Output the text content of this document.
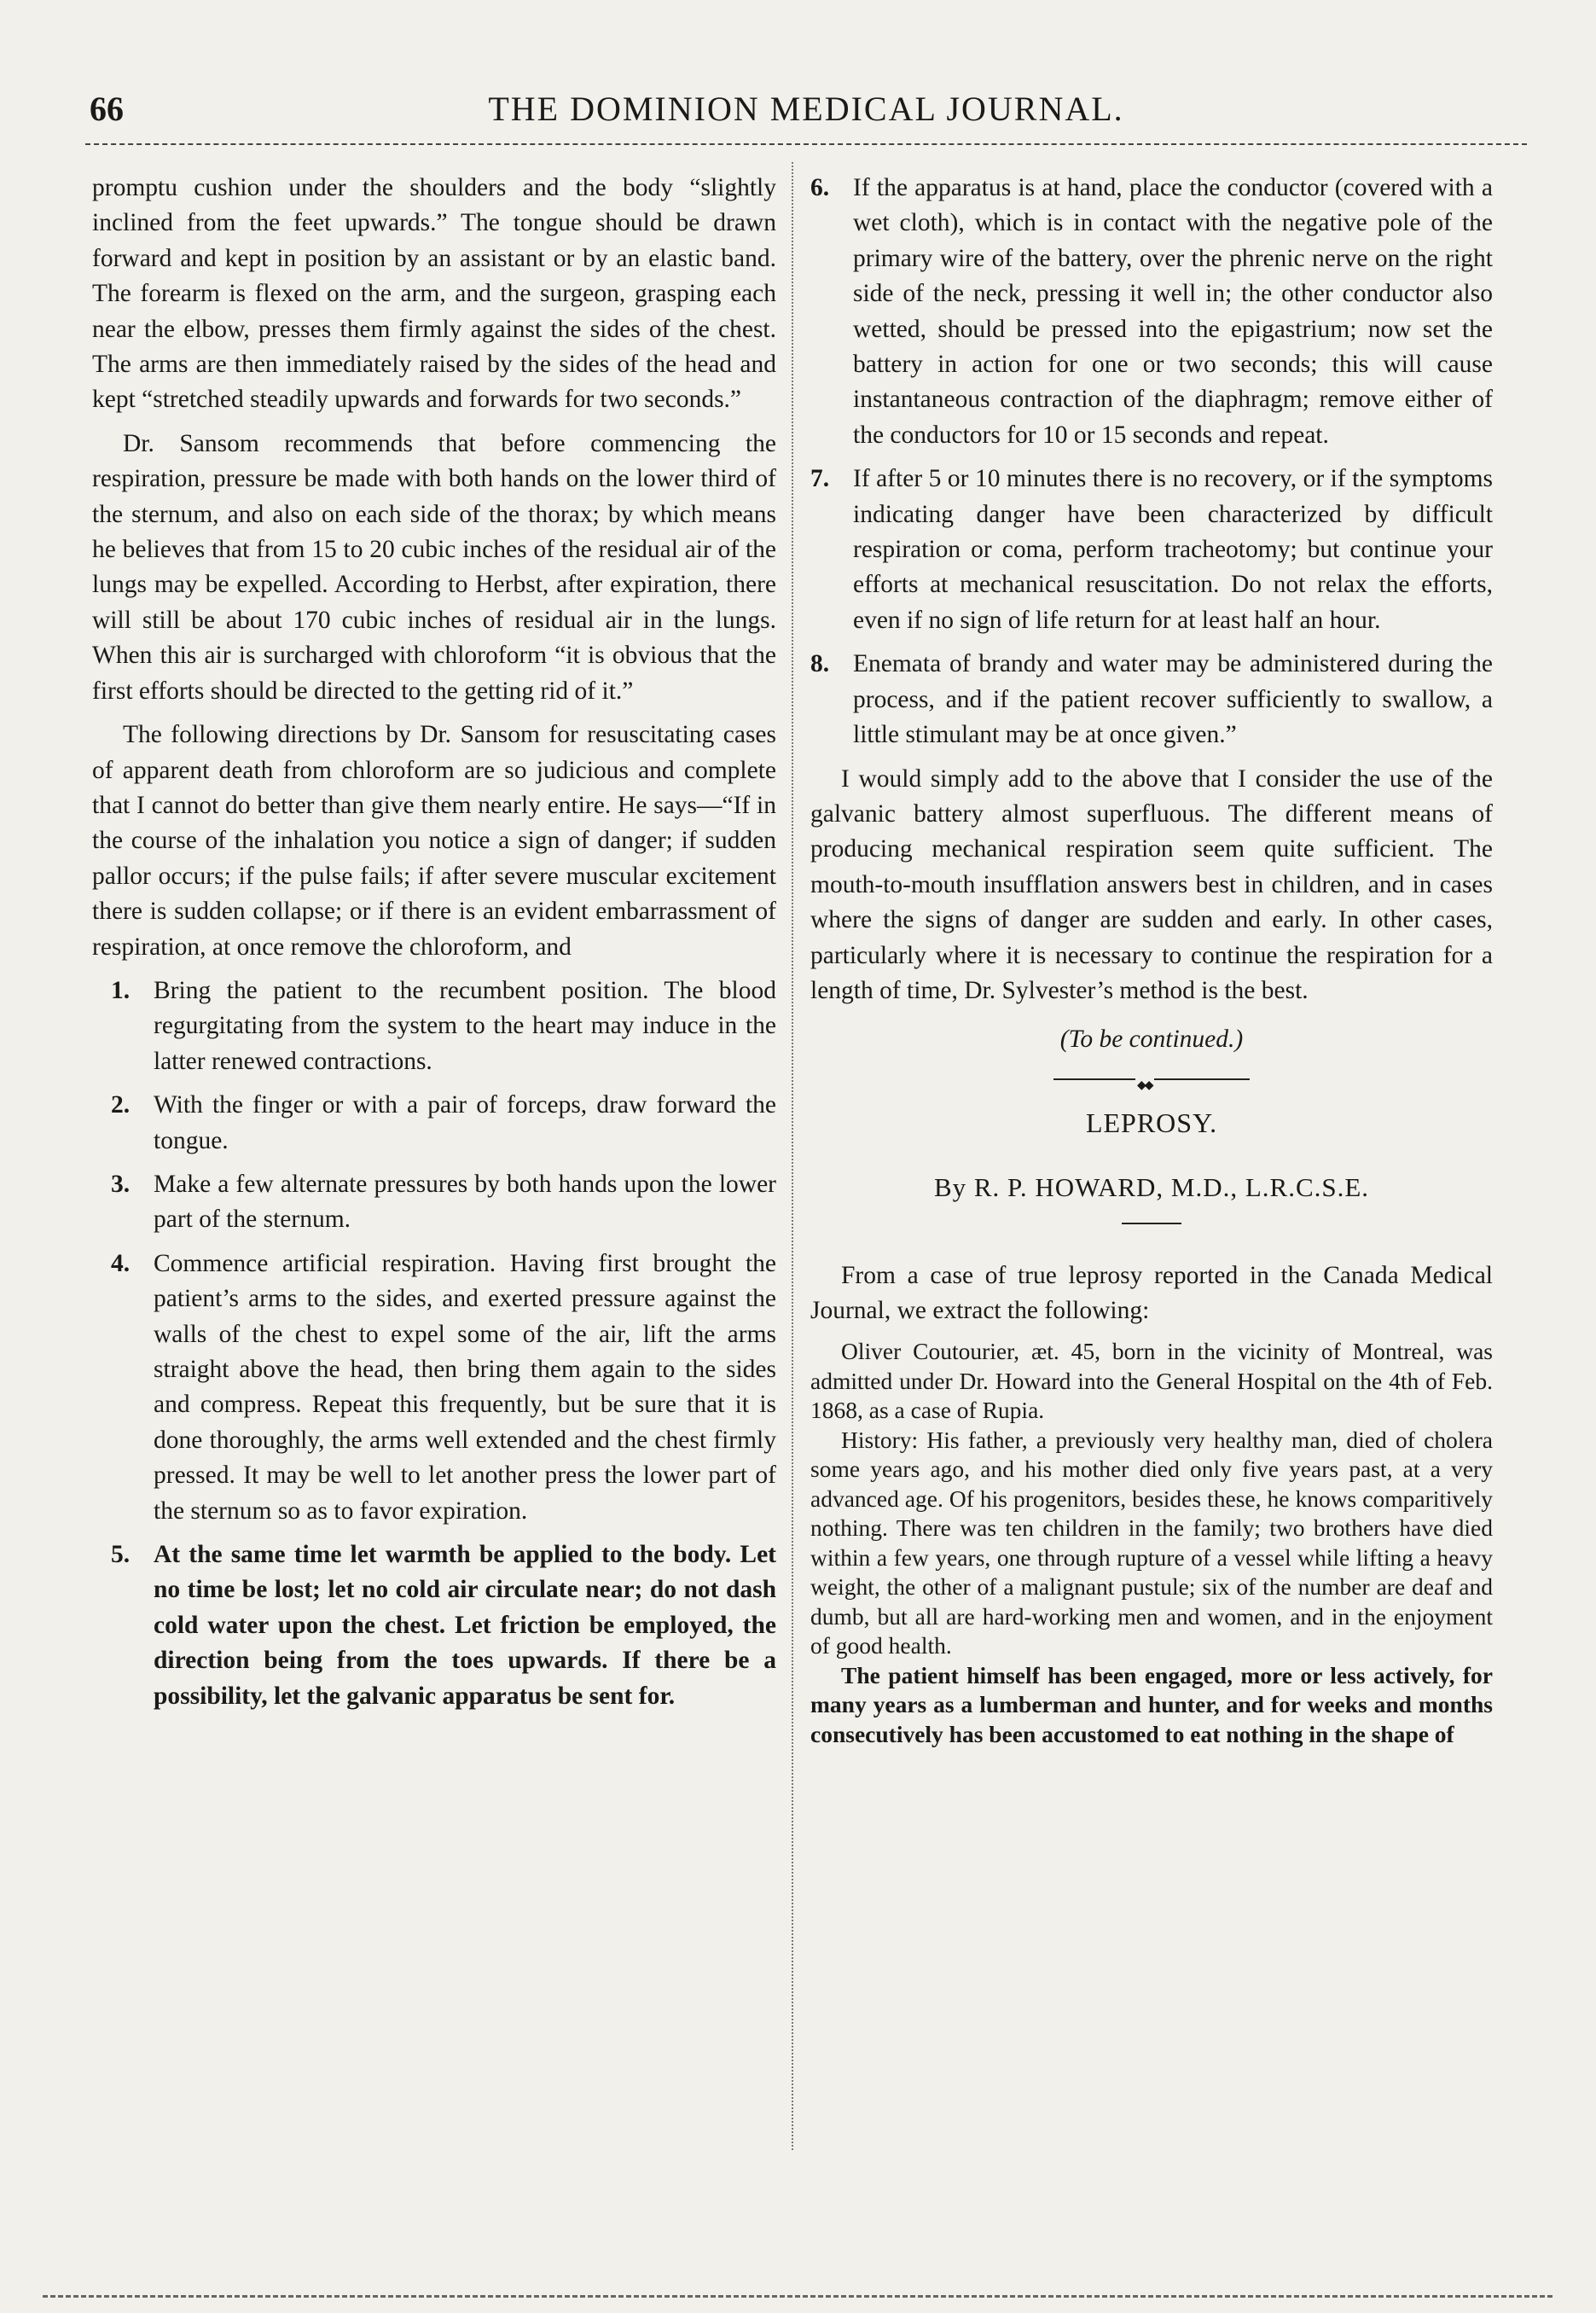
66	THE DOMINION MEDICAL JOURNAL.

promptu cushion under the shoulders and the body “slightly inclined from the feet upwards.” The tongue should be drawn forward and kept in position by an assistant or by an elastic band. The forearm is flexed on the arm, and the surgeon, grasping each near the elbow, presses them firmly against the sides of the chest. The arms are then immediately raised by the sides of the head and kept “stretched steadily upwards and forwards for two seconds.”

Dr. Sansom recommends that before commencing the respiration, pressure be made with both hands on the lower third of the sternum, and also on each side of the thorax; by which means he believes that from 15 to 20 cubic inches of the residual air of the lungs may be expelled. According to Herbst, after expiration, there will still be about 170 cubic inches of residual air in the lungs. When this air is surcharged with chloroform “it is obvious that the first efforts should be directed to the getting rid of it.”

The following directions by Dr. Sansom for resuscitating cases of apparent death from chloroform are so judicious and complete that I cannot do better than give them nearly entire. He says—“If in the course of the inhalation you notice a sign of danger; if sudden pallor occurs; if the pulse fails; if after severe muscular excitement there is sudden collapse; or if there is an evident embarrassment of respiration, at once remove the chloroform, and

1. Bring the patient to the recumbent position. The blood regurgitating from the system to the heart may induce in the latter renewed contractions.
2. With the finger or with a pair of forceps, draw forward the tongue.
3. Make a few alternate pressures by both hands upon the lower part of the sternum.
4. Commence artificial respiration. Having first brought the patient’s arms to the sides, and exerted pressure against the walls of the chest to expel some of the air, lift the arms straight above the head, then bring them again to the sides and compress. Repeat this frequently, but be sure that it is done thoroughly, the arms well extended and the chest firmly pressed. It may be well to let another press the lower part of the sternum so as to favor expiration.
5. At the same time let warmth be applied to the body. Let no time be lost; let no cold air circulate near; do not dash cold water upon the chest. Let friction be employed, the direction being from the toes upwards. If there be a possibility, let the galvanic apparatus be sent for.
6. If the apparatus is at hand, place the conductor (covered with a wet cloth), which is in contact with the negative pole of the primary wire of the battery, over the phrenic nerve on the right side of the neck, pressing it well in; the other conductor also wetted, should be pressed into the epigastrium; now set the battery in action for one or two seconds; this will cause instantaneous contraction of the diaphragm; remove either of the conductors for 10 or 15 seconds and repeat.
7. If after 5 or 10 minutes there is no recovery, or if the symptoms indicating danger have been characterized by difficult respiration or coma, perform tracheotomy; but continue your efforts at mechanical resuscitation. Do not relax the efforts, even if no sign of life return for at least half an hour.
8. Enemata of brandy and water may be administered during the process, and if the patient recover sufficiently to swallow, a little stimulant may be at once given.”

I would simply add to the above that I consider the use of the galvanic battery almost superfluous. The different means of producing mechanical respiration seem quite sufficient. The mouth-to-mouth insufflation answers best in children, and in cases where the signs of danger are sudden and early. In other cases, particularly where it is necessary to continue the respiration for a length of time, Dr. Sylvester’s method is the best.

(To be continued.)

◆◆
LEPROSY.
By R. P. HOWARD, M.D., L.R.C.S.E.

From a case of true leprosy reported in the Canada Medical Journal, we extract the following:

Oliver Coutourier, æt. 45, born in the vicinity of Montreal, was admitted under Dr. Howard into the General Hospital on the 4th of Feb. 1868, as a case of Rupia.

History: His father, a previously very healthy man, died of cholera some years ago, and his mother died only five years past, at a very advanced age. Of his progenitors, besides these, he knows comparitively nothing. There was ten children in the family; two brothers have died within a few years, one through rupture of a vessel while lifting a heavy weight, the other of a malignant pustule; six of the number are deaf and dumb, but all are hard-working men and women, and in the enjoyment of good health.

The patient himself has been engaged, more or less actively, for many years as a lumberman and hunter, and for weeks and months consecutively has been accustomed to eat nothing in the shape of
